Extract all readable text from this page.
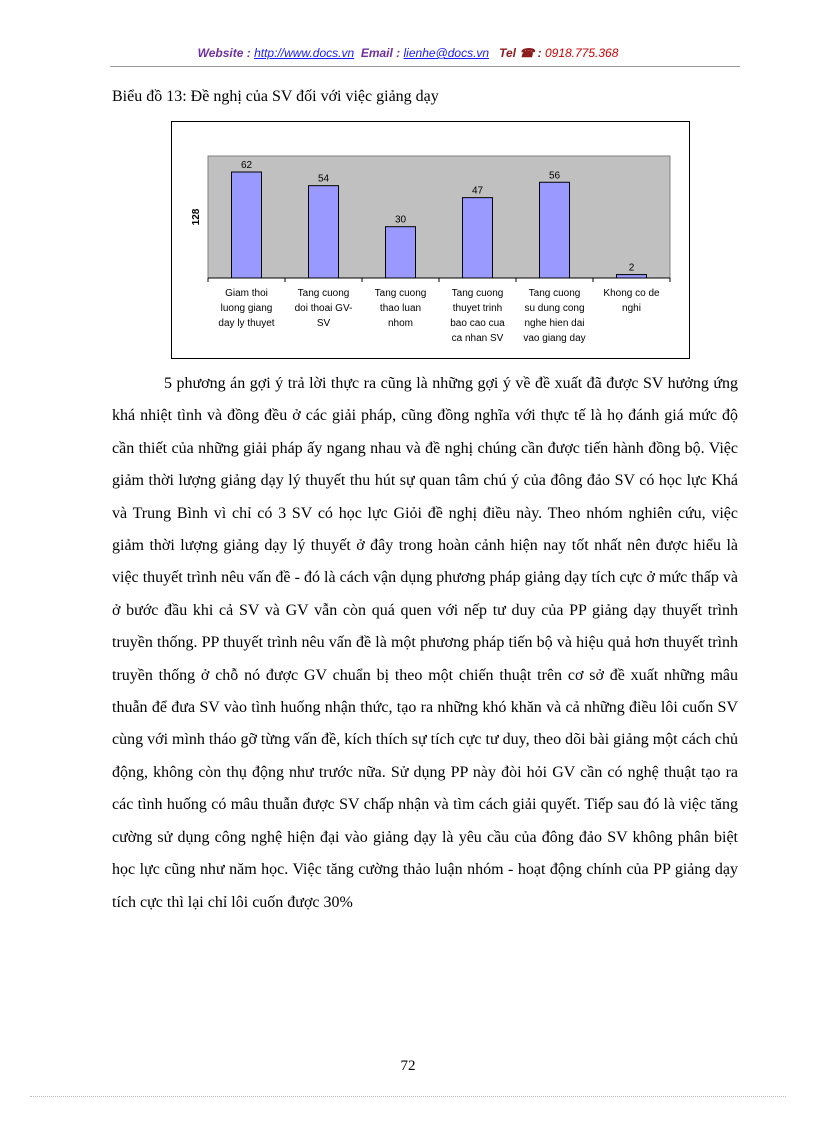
Website : http://www.docs.vn Email : lienhe@docs.vn Tel ☎ : 0918.775.368
Biểu đồ 13: Đề nghị của SV đối với việc giảng dạy
62
Giam thoi
luong giang
day ly thuyet
54
Tang cuong
doi thoai GV-
SV
30
Tang cuong
thao luan
nhom
47
Tang cuong
thuyet trinh
bao cao cua
ca nhan SV
56
Tang cuong
su dung cong
nghe hien dai
vao giang day
2
Khong co de
nghi
128

5 phương án gợi ý trả lời thực ra cũng là những gợi ý về đề xuất đã được SV hưởng ứng khá nhiệt tình và đồng đều ở các giải pháp, cũng đồng nghĩa với thực tế là họ đánh giá mức độ cần thiết của những giải pháp ấy ngang nhau và đề nghị chúng cần được tiến hành đồng bộ. Việc giảm thời lượng giảng dạy lý thuyết thu hút sự quan tâm chú ý của đông đảo SV có học lực Khá và Trung Bình vì chỉ có 3 SV có học lực Giỏi đề nghị điều này. Theo nhóm nghiên cứu, việc giảm thời lượng giảng dạy lý thuyết ở đây trong hoàn cảnh hiện nay tốt nhất nên được hiểu là việc thuyết trình nêu vấn đề - đó là cách vận dụng phương pháp giảng dạy tích cực ở mức thấp và ở bước đầu khi cả SV và GV vẫn còn quá quen với nếp tư duy của PP giảng dạy thuyết trình truyền thống. PP thuyết trình nêu vấn đề là một phương pháp tiến bộ và hiệu quả hơn thuyết trình truyền thống ở chỗ nó được GV chuẩn bị theo một chiến thuật trên cơ sở đề xuất những mâu thuẫn để đưa SV vào tình huống nhận thức, tạo ra những khó khăn và cả những điều lôi cuốn SV cùng với mình tháo gỡ từng vấn đề, kích thích sự tích cực tư duy, theo dõi bài giảng một cách chủ động, không còn thụ động như trước nữa. Sử dụng PP này đòi hỏi GV cần có nghệ thuật tạo ra các tình huống có mâu thuẫn được SV chấp nhận và tìm cách giải quyết. Tiếp sau đó là việc tăng cường sử dụng công nghệ hiện đại vào giảng dạy là yêu cầu của đông đảo SV không phân biệt học lực cũng như năm học. Việc tăng cường thảo luận nhóm - hoạt động chính của PP giảng dạy tích cực thì lại chỉ lôi cuốn được 30%

72
